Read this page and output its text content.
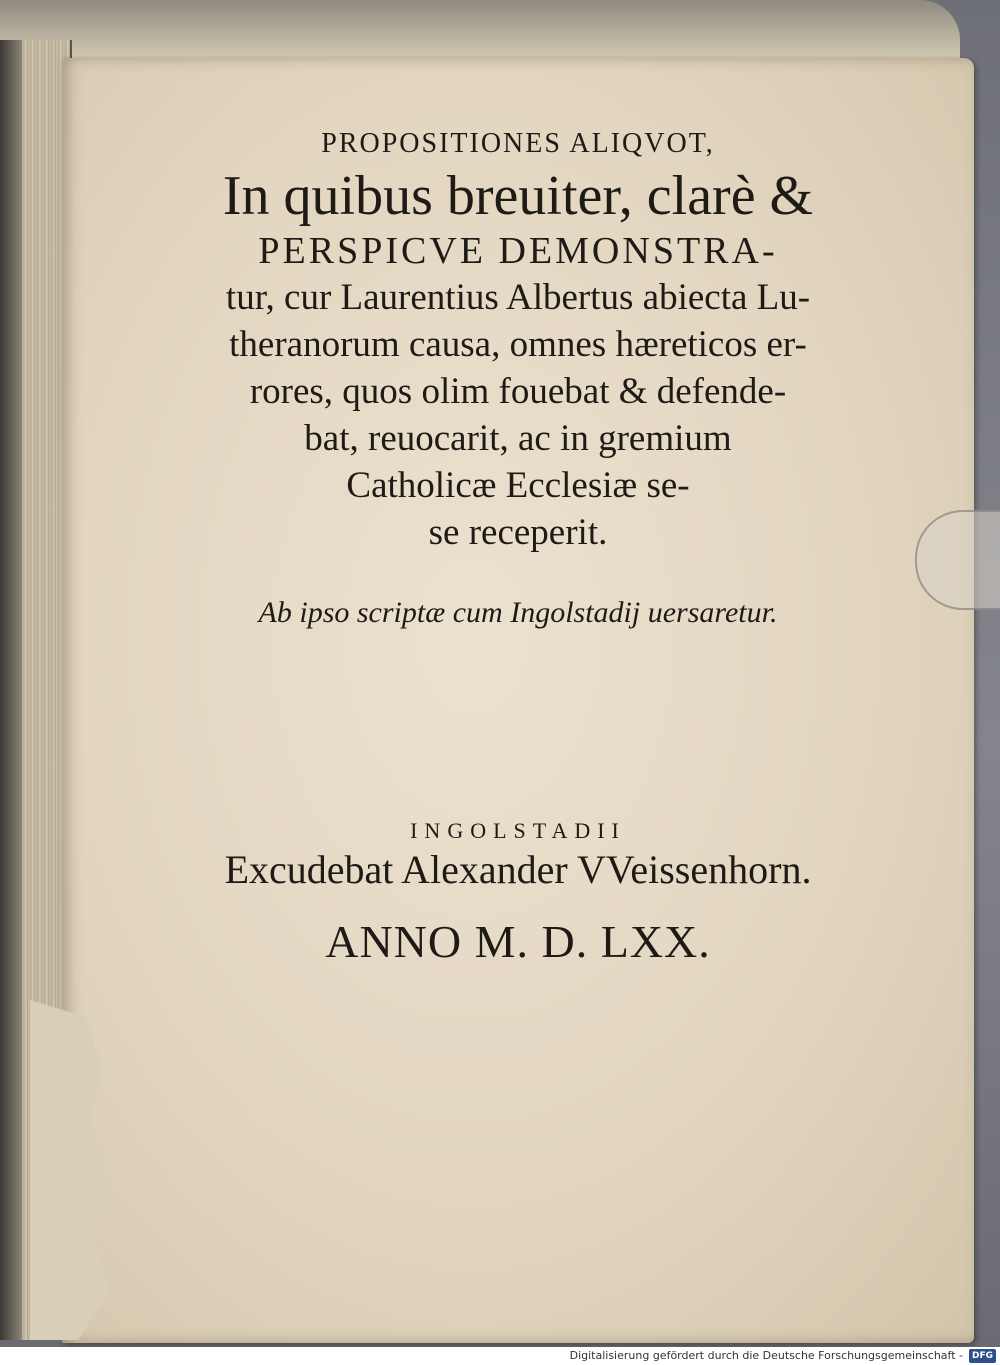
PROPOSITIONES ALIQVOT,
In quibus breuiter, clarè &
PERSPICVE DEMONSTRA-
tur, cur Laurentius Albertus abiecta Lu-
theranorum causa, omnes hæreticos er-
rores, quos olim fouebat & defende-
bat, reuocarit, ac in gremium
Catholicæ Ecclesiæ se-
se receperit.
Ab ipso scriptæ cum Ingolstadij uersaretur.
INGOLSTADII
Excudebat Alexander VVeissenhorn.
ANNO M. D. LXX.
Digitalisierung gefördert durch die Deutsche Forschungsgemeinschaft - DFG
